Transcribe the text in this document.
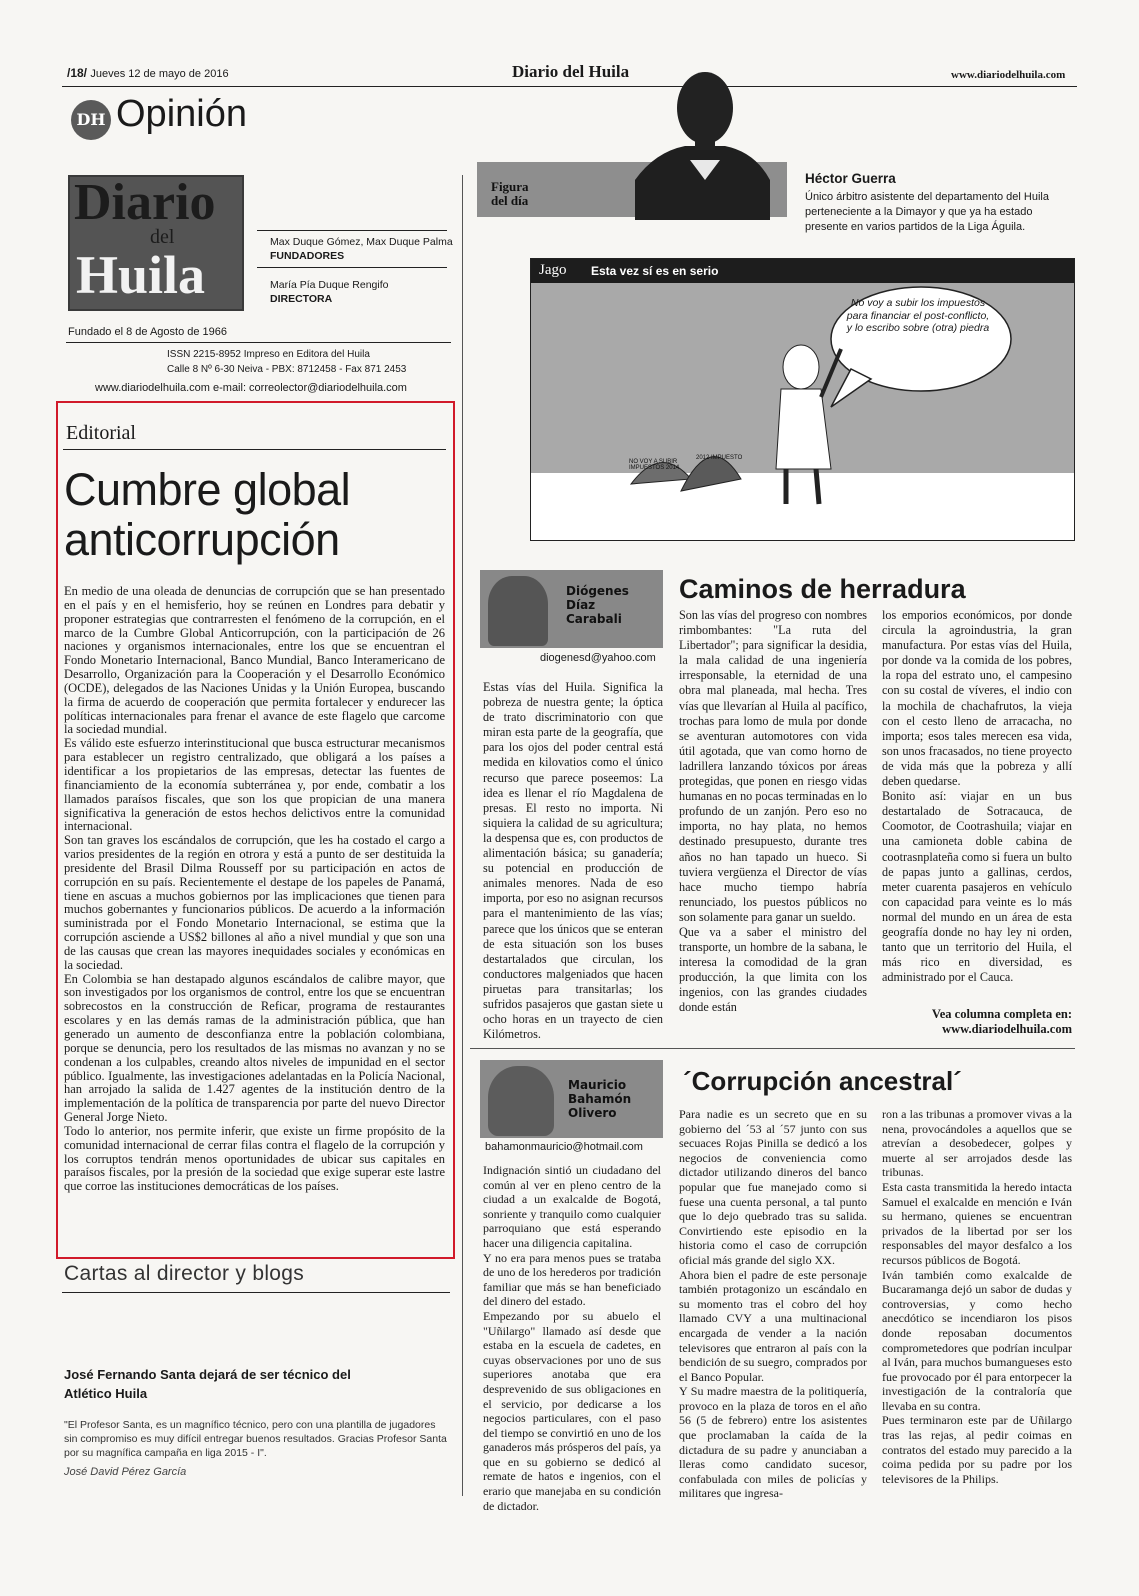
/18/ Jueves 12 de mayo de 2016	Diario del Huila	www.diariodelhuila.com
DH Opinión
Diario
del
Huila
Max Duque Gómez, Max Duque Palma
FUNDADORES
María Pía Duque Rengifo
DIRECTORA
Fundado el 8 de Agosto de 1966
ISSN 2215-8952 Impreso en Editora del Huila
Calle 8 Nº 6-30 Neiva - PBX: 8712458 - Fax 871 2453
www.diariodelhuila.com e-mail: correolector@diariodelhuila.com
Editorial
Cumbre global
anticorrupción

En medio de una oleada de denuncias de corrupción que se han presentado en el país y en el hemisferio, hoy se reúnen en Londres para debatir y proponer estrategias que contrarresten el fenómeno de la corrupción, en el marco de la Cumbre Global Anticorrupción, con la participación de 26 naciones y organismos internacionales, entre los que se encuentran el Fondo Monetario Internacional, Banco Mundial, Banco Interamericano de Desarrollo, Organización para la Cooperación y el Desarrollo Económico (OCDE), delegados de las Naciones Unidas y la Unión Europea, buscando la firma de acuerdo de cooperación que permita fortalecer y endurecer las políticas internacionales para frenar el avance de este flagelo que carcome la sociedad mundial.

Es válido este esfuerzo interinstitucional que busca estructurar mecanismos para establecer un registro centralizado, que obligará a los países a identificar a los propietarios de las empresas, detectar las fuentes de financiamiento de la economía subterránea y, por ende, combatir a los llamados paraísos fiscales, que son los que propician de una manera significativa la generación de estos hechos delictivos entre la comunidad internacional.

Son tan graves los escándalos de corrupción, que les ha costado el cargo a varios presidentes de la región en otrora y está a punto de ser destituida la presidente del Brasil Dilma Rousseff por su participación en actos de corrupción en su país. Recientemente el destape de los papeles de Panamá, tiene en ascuas a muchos gobiernos por las implicaciones que tienen para muchos gobernantes y funcionarios públicos. De acuerdo a la información suministrada por el Fondo Monetario Internacional, se estima que la corrupción asciende a US$2 billones al año a nivel mundial y que son una de las causas que crean las mayores inequidades sociales y económicas en la sociedad.

En Colombia se han destapado algunos escándalos de calibre mayor, que son investigados por los organismos de control, entre los que se encuentran sobrecostos en la construcción de Reficar, programa de restaurantes escolares y en las demás ramas de la administración pública, que han generado un aumento de desconfianza entre la población colombiana, porque se denuncia, pero los resultados de las mismas no avanzan y no se condenan a los culpables, creando altos niveles de impunidad en el sector público. Igualmente, las investigaciones adelantadas en la Policía Nacional, han arrojado la salida de 1.427 agentes de la institución dentro de la implementación de la política de transparencia por parte del nuevo Director General Jorge Nieto.

Todo lo anterior, nos permite inferir, que existe un firme propósito de la comunidad internacional de cerrar filas contra el flagelo de la corrupción y los corruptos tendrán menos oportunidades de ubicar sus capitales en paraísos fiscales, por la presión de la sociedad que exige superar este lastre que corroe las instituciones democráticas de los países.

Cartas al director y blogs
José Fernando Santa dejará de ser técnico del Atlético Huila
"El Profesor Santa, es un magnífico técnico, pero con una plantilla de jugadores sin compromiso es muy difícil entregar buenos resultados. Gracias Profesor Santa por su magnífica campaña en liga 2015 - I".
José David Pérez García
Figura
del día
Héctor Guerra
Único árbitro asistente del departamento del Huila perteneciente a la Dimayor y que ya ha estado presente en varios partidos de la Liga Águila.
Jago Esta vez sí es en serio
No voy a subir los impuestos para financiar el post-conflicto, y lo escribo sobre (otra) piedra
NO VOY A SUBIR IMPUESTOS 2014
2012 IMPUESTO
Diógenes
Díaz
Carabali
diogenesd@yahoo.com
Caminos de herradura
Estas vías del Huila. Significa la pobreza de nuestra gente; la óptica de trato discriminatorio con que miran esta parte de la geografía, que para los ojos del poder central está medida en kilovatios como el único recurso que parece poseemos: La idea es llenar el río Magdalena de presas. El resto no importa. Ni siquiera la calidad de su agricultura; la despensa que es, con productos de alimentación básica; su ganadería; su potencial en producción de animales menores. Nada de eso importa, por eso no asignan recursos para el mantenimiento de las vías; parece que los únicos que se enteran de esta situación son los buses destartalados que circulan, los conductores malgeniados que hacen piruetas para transitarlas; los sufridos pasajeros que gastan siete u ocho horas en un trayecto de cien Kilómetros.

Son las vías del progreso con nombres rimbombantes: "La ruta del Libertador"; para significar la desidia, la mala calidad de una ingeniería irresponsable, la eternidad de una obra mal planeada, mal hecha. Tres vías que llevarían al Huila al pacífico, trochas para lomo de mula por donde se aventuran automotores con vida útil agotada, que van como horno de ladrillera lanzando tóxicos por áreas protegidas, que ponen en riesgo vidas humanas en no pocas terminadas en lo profundo de un zanjón. Pero eso no importa, no hay plata, no hemos destinado presupuesto, durante tres años no han tapado un hueco. Si tuviera vergüenza el Director de vías hace mucho tiempo habría renunciado, los puestos públicos no son solamente para ganar un sueldo.

Que va a saber el ministro del transporte, un hombre de la sabana, le interesa la comodidad de la gran producción, la que limita con los ingenios, con las grandes ciudades donde están

los emporios económicos, por donde circula la agroindustria, la gran manufactura. Por estas vías del Huila, por donde va la comida de los pobres, la ropa del estrato uno, el campesino con su costal de víveres, el indio con la mochila de chachafrutos, la vieja con el cesto lleno de arracacha, no importa; esos tales merecen esa vida, son unos fracasados, no tiene proyecto de vida más que la pobreza y allí deben quedarse.

Bonito así: viajar en un bus destartalado de Sotracauca, de Coomotor, de Cootrashuila; viajar en una camioneta doble cabina de cootrasnplateña como si fuera un bulto de papas junto a gallinas, cerdos, meter cuarenta pasajeros en vehículo con capacidad para veinte es lo más normal del mundo en un área de esta geografía donde no hay ley ni orden, tanto que un territorio del Huila, el más rico en diversidad, es administrado por el Cauca.

Vea columna completa en:
www.diariodelhuila.com
Mauricio
Bahamón
Olivero
bahamonmauricio@hotmail.com
´Corrupción ancestral´

Indignación sintió un ciudadano del común al ver en pleno centro de la ciudad a un exalcalde de Bogotá, sonriente y tranquilo como cualquier parroquiano que está esperando hacer una diligencia capitalina.

Y no era para menos pues se trataba de uno de los herederos por tradición familiar que más se han beneficiado del dinero del estado.

Empezando por su abuelo el "Uñilargo" llamado así desde que estaba en la escuela de cadetes, en cuyas observaciones por uno de sus superiores anotaba que era desprevenido de sus obligaciones en el servicio, por dedicarse a los negocios particulares, con el paso del tiempo se convirtió en uno de los ganaderos más prósperos del país, ya que en su gobierno se dedicó al remate de hatos e ingenios, con el erario que manejaba en su condición de dictador.

Para nadie es un secreto que en su gobierno del ´53 al ´57 junto con sus secuaces Rojas Pinilla se dedicó a los negocios de conveniencia como dictador utilizando dineros del banco popular que fue manejado como si fuese una cuenta personal, a tal punto que lo dejo quebrado tras su salida. Convirtiendo este episodio en la historia como el caso de corrupción oficial más grande del siglo XX.

Ahora bien el padre de este personaje también protagonizo un escándalo en su momento tras el cobro del hoy llamado CVY a una multinacional encargada de vender a la nación televisores que entraron al país con la bendición de su suegro, comprados por el Banco Popular.

Y Su madre maestra de la politiquería, provoco en la plaza de toros en el año 56 (5 de febrero) entre los asistentes que proclamaban la caída de la dictadura de su padre y anunciaban a lleras como candidato sucesor, confabulada con miles de policías y militares que ingresa-

ron a las tribunas a promover vivas a la nena, provocándoles a aquellos que se atrevían a desobedecer, golpes y muerte al ser arrojados desde las tribunas.

Esta casta transmitida la heredo intacta Samuel el exalcalde en mención e Iván su hermano, quienes se encuentran privados de la libertad por ser los responsables del mayor desfalco a los recursos públicos de Bogotá.

Iván también como exalcalde de Bucaramanga dejó un sabor de dudas y controversias, y como hecho anecdótico se incendiaron los pisos donde reposaban documentos comprometedores que podrían inculpar al Iván, para muchos bumangueses esto fue provocado por él para entorpecer la investigación de la contraloría que llevaba en su contra.

Pues terminaron este par de Uñilargo tras las rejas, al pedir coimas en contratos del estado muy parecido a la coima pedida por su padre por los televisores de la Philips.
